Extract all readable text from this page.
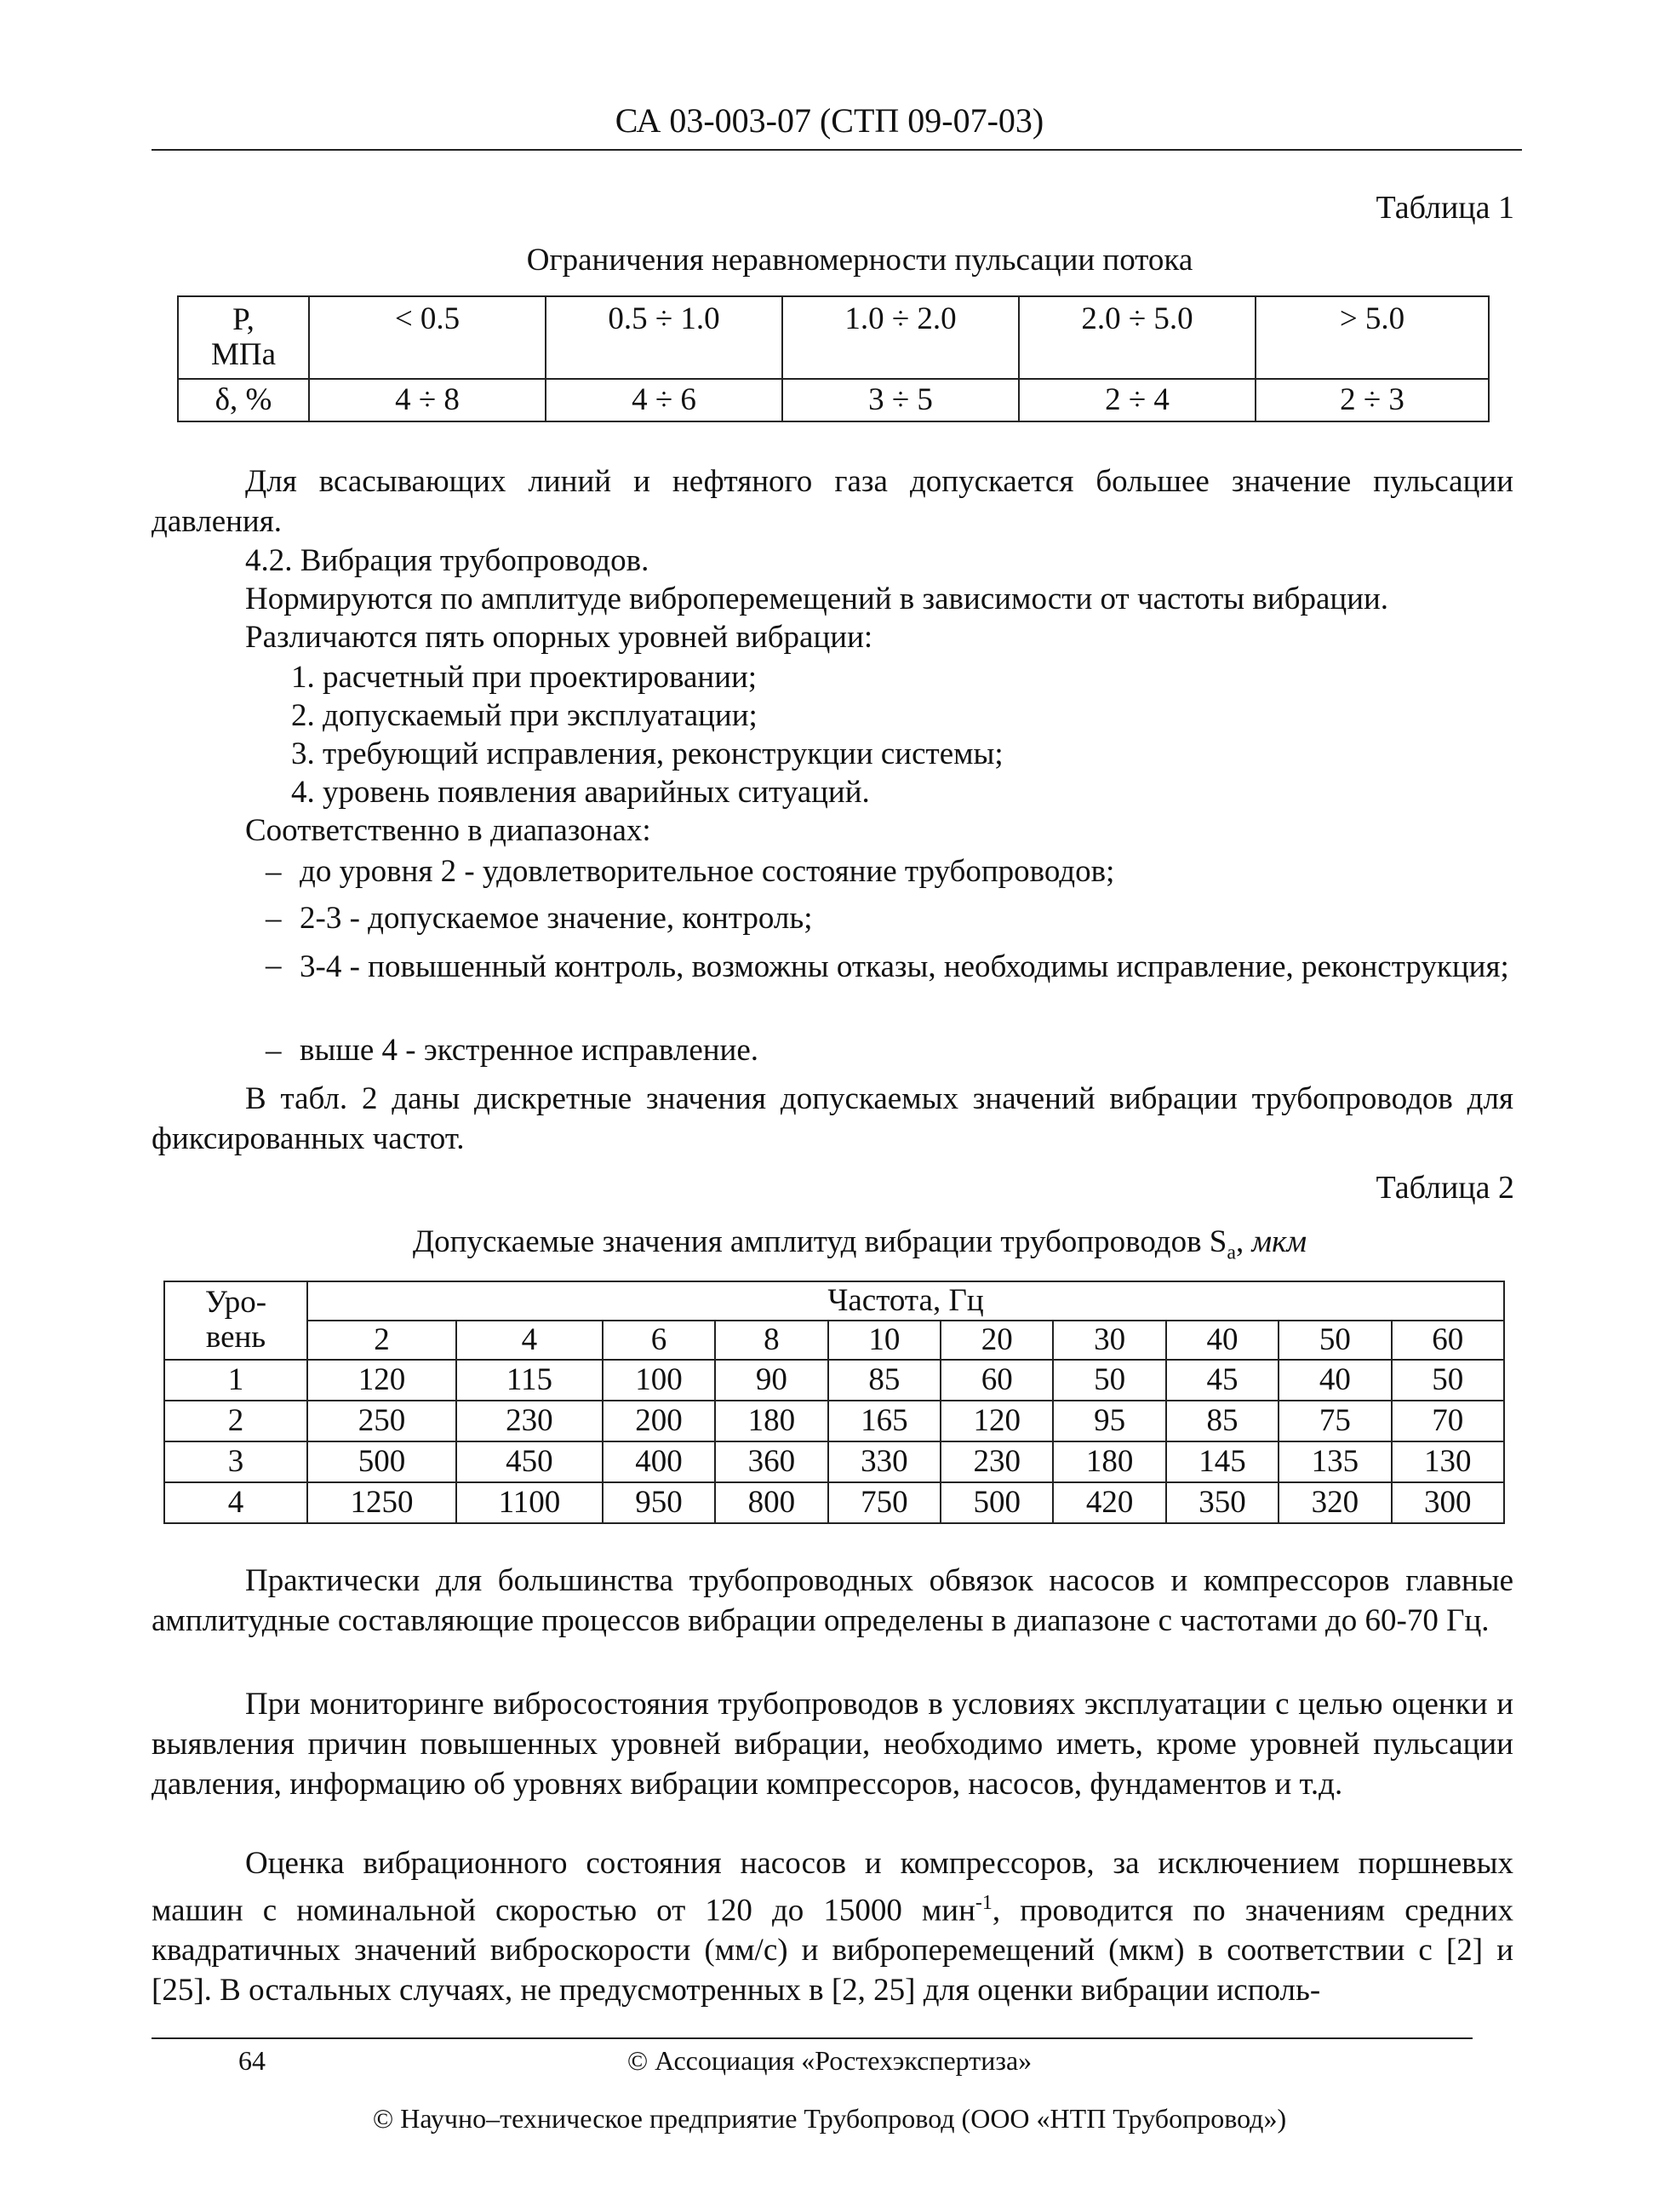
СА 03-003-07 (СТП 09-07-03)
Таблица 1
Ограничения неравномерности пульсации потока
P,
МПа	< 0.5	0.5 ÷ 1.0	1.0 ÷ 2.0	2.0 ÷ 5.0	> 5.0
δ, %	4 ÷ 8	4 ÷ 6	3 ÷ 5	2 ÷ 4	2 ÷ 3
Для всасывающих линий и нефтяного газа допускается большее значение пульсации давления.
4.2. Вибрация трубопроводов.
Нормируются по амплитуде виброперемещений в зависимости от частоты вибрации.
Различаются пять опорных уровней вибрации:
1. расчетный при проектировании;
2. допускаемый при эксплуатации;
3. требующий исправления, реконструкции системы;
4. уровень появления аварийных ситуаций.
Соответственно в диапазонах:
– до уровня 2 - удовлетворительное состояние трубопроводов;
– 2-3 - допускаемое значение, контроль;
– 3-4 - повышенный контроль, возможны отказы, необходимы исправление, реконструкция;
– выше 4 - экстренное исправление.
В табл. 2 даны дискретные значения допускаемых значений вибрации трубопроводов для фиксированных частот.
Таблица 2
Допускаемые значения амплитуд вибрации трубопроводов $S_a$, мкм
Уро-
вень	Частота, Гц									
	2	4	6	8	10	20	30	40	50	60
1	120	115	100	90	85	60	50	45	40	50
2	250	230	200	180	165	120	95	85	75	70
3	500	450	400	360	330	230	180	145	135	130
4	1250	1100	950	800	750	500	420	350	320	300
Практически для большинства трубопроводных обвязок насосов и компрессоров главные амплитудные составляющие процессов вибрации определены в диапазоне с частотами до 60-70 Гц.
При мониторинге вибросостояния трубопроводов в условиях эксплуатации с целью оценки и выявления причин повышенных уровней вибрации, необходимо иметь, кроме уровней пульсации давления, информацию об уровнях вибрации компрессоров, насосов, фундаментов и т.д.
Оценка вибрационного состояния насосов и компрессоров, за исключением поршневых машин с номинальной скоростью от 120 до 15000 мин$^{-1}$, проводится по значениям средних квадратичных значений виброскорости (мм/с) и виброперемещений (мкм) в соответствии с [2] и [25]. В остальных случаях, не предусмотренных в [2, 25] для оценки вибрации исполь-
64	© Ассоциация «Ростехэкспертиза»
© Научно–техническое предприятие Трубопровод (ООО «НТП Трубопровод»)
